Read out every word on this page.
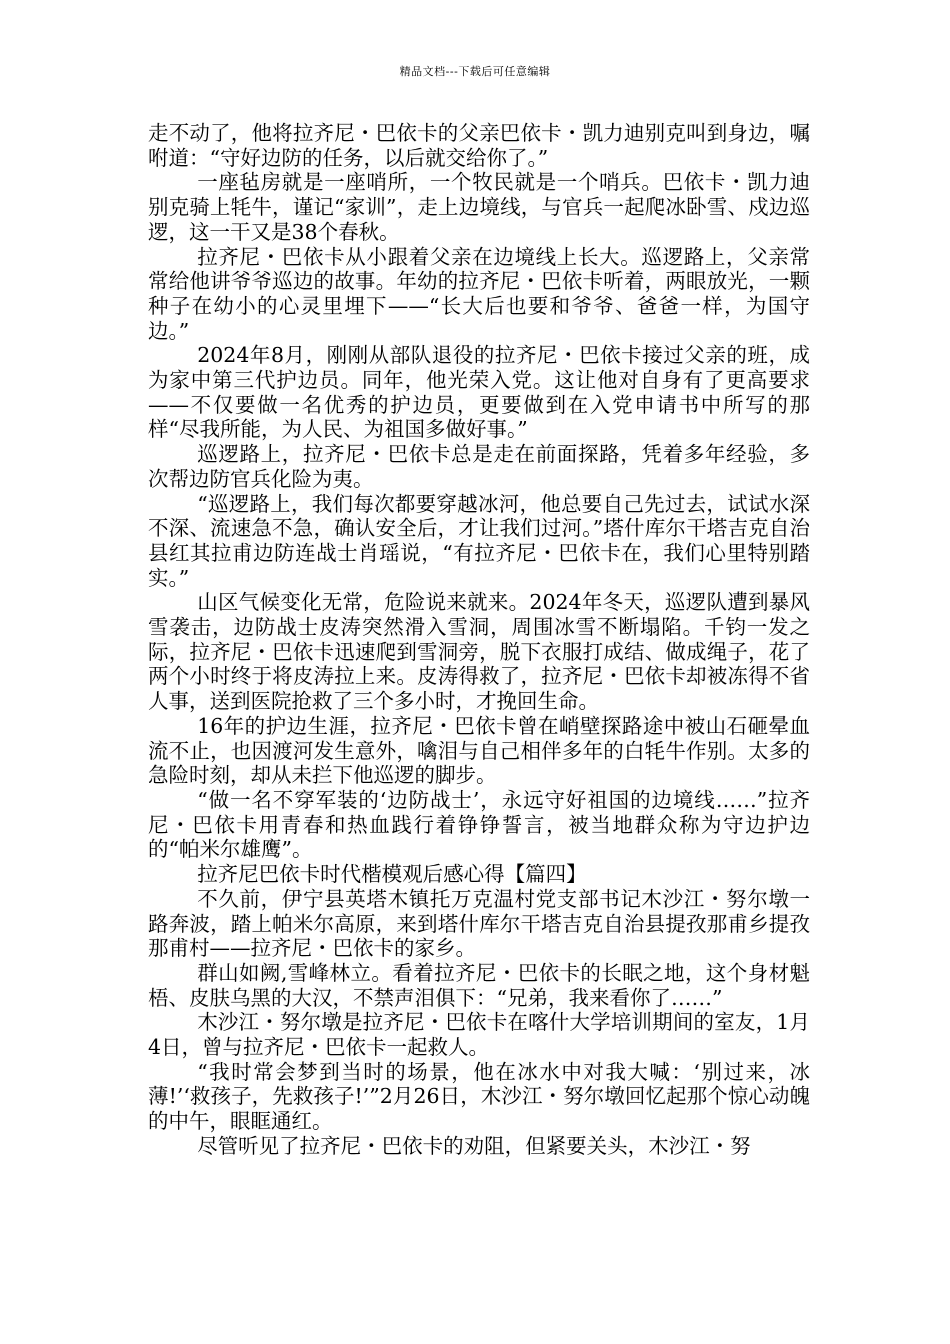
精品文档---下载后可任意编辑

走不动了，他将拉齐尼・巴依卡的父亲巴依卡・凯力迪别克叫到身边，嘱咐道：“守好边防的任务，以后就交给你了。”

一座毡房就是一座哨所，一个牧民就是一个哨兵。巴依卡・凯力迪别克骑上牦牛，谨记“家训”，走上边境线，与官兵一起爬冰卧雪、戍边巡逻，这一干又是38个春秋。

拉齐尼・巴依卡从小跟着父亲在边境线上长大。巡逻路上，父亲常常给他讲爷爷巡边的故事。年幼的拉齐尼・巴依卡听着，两眼放光，一颗种子在幼小的心灵里埋下——“长大后也要和爷爷、爸爸一样，为国守边。”

2024年8月，刚刚从部队退役的拉齐尼・巴依卡接过父亲的班，成为家中第三代护边员。同年，他光荣入党。这让他对自身有了更高要求——不仅要做一名优秀的护边员，更要做到在入党申请书中所写的那样“尽我所能，为人民、为祖国多做好事。”

巡逻路上，拉齐尼・巴依卡总是走在前面探路，凭着多年经验，多次帮边防官兵化险为夷。

“巡逻路上，我们每次都要穿越冰河，他总要自己先过去，试试水深不深、流速急不急，确认安全后，才让我们过河。”塔什库尔干塔吉克自治县红其拉甫边防连战士肖瑶说，“有拉齐尼・巴依卡在，我们心里特别踏实。”

山区气候变化无常，危险说来就来。2024年冬天，巡逻队遭到暴风雪袭击，边防战士皮涛突然滑入雪洞，周围冰雪不断塌陷。千钧一发之际，拉齐尼・巴依卡迅速爬到雪洞旁，脱下衣服打成结、做成绳子，花了两个小时终于将皮涛拉上来。皮涛得救了，拉齐尼・巴依卡却被冻得不省人事，送到医院抢救了三个多小时，才挽回生命。

16年的护边生涯，拉齐尼・巴依卡曾在峭壁探路途中被山石砸晕血流不止，也因渡河发生意外，噙泪与自己相伴多年的白牦牛作别。太多的急险时刻，却从未拦下他巡逻的脚步。

“做一名不穿军装的‘边防战士’，永远守好祖国的边境线……”拉齐尼・巴依卡用青春和热血践行着铮铮誓言，被当地群众称为守边护边的“帕米尔雄鹰”。

拉齐尼巴依卡时代楷模观后感心得【篇四】

不久前，伊宁县英塔木镇托万克温村党支部书记木沙江・努尔墩一路奔波，踏上帕米尔高原，来到塔什库尔干塔吉克自治县提孜那甫乡提孜那甫村——拉齐尼・巴依卡的家乡。

群山如阙,雪峰林立。看着拉齐尼・巴依卡的长眠之地，这个身材魁梧、皮肤乌黑的大汉，不禁声泪俱下：“兄弟，我来看你了……”

木沙江・努尔墩是拉齐尼・巴依卡在喀什大学培训期间的室友，1月4日，曾与拉齐尼・巴依卡一起救人。

“我时常会梦到当时的场景，他在冰水中对我大喊：‘别过来，冰薄!’‘救孩子，先救孩子!’”2月26日，木沙江・努尔墩回忆起那个惊心动魄的中午，眼眶通红。

尽管听见了拉齐尼・巴依卡的劝阻，但紧要关头，木沙江・努
